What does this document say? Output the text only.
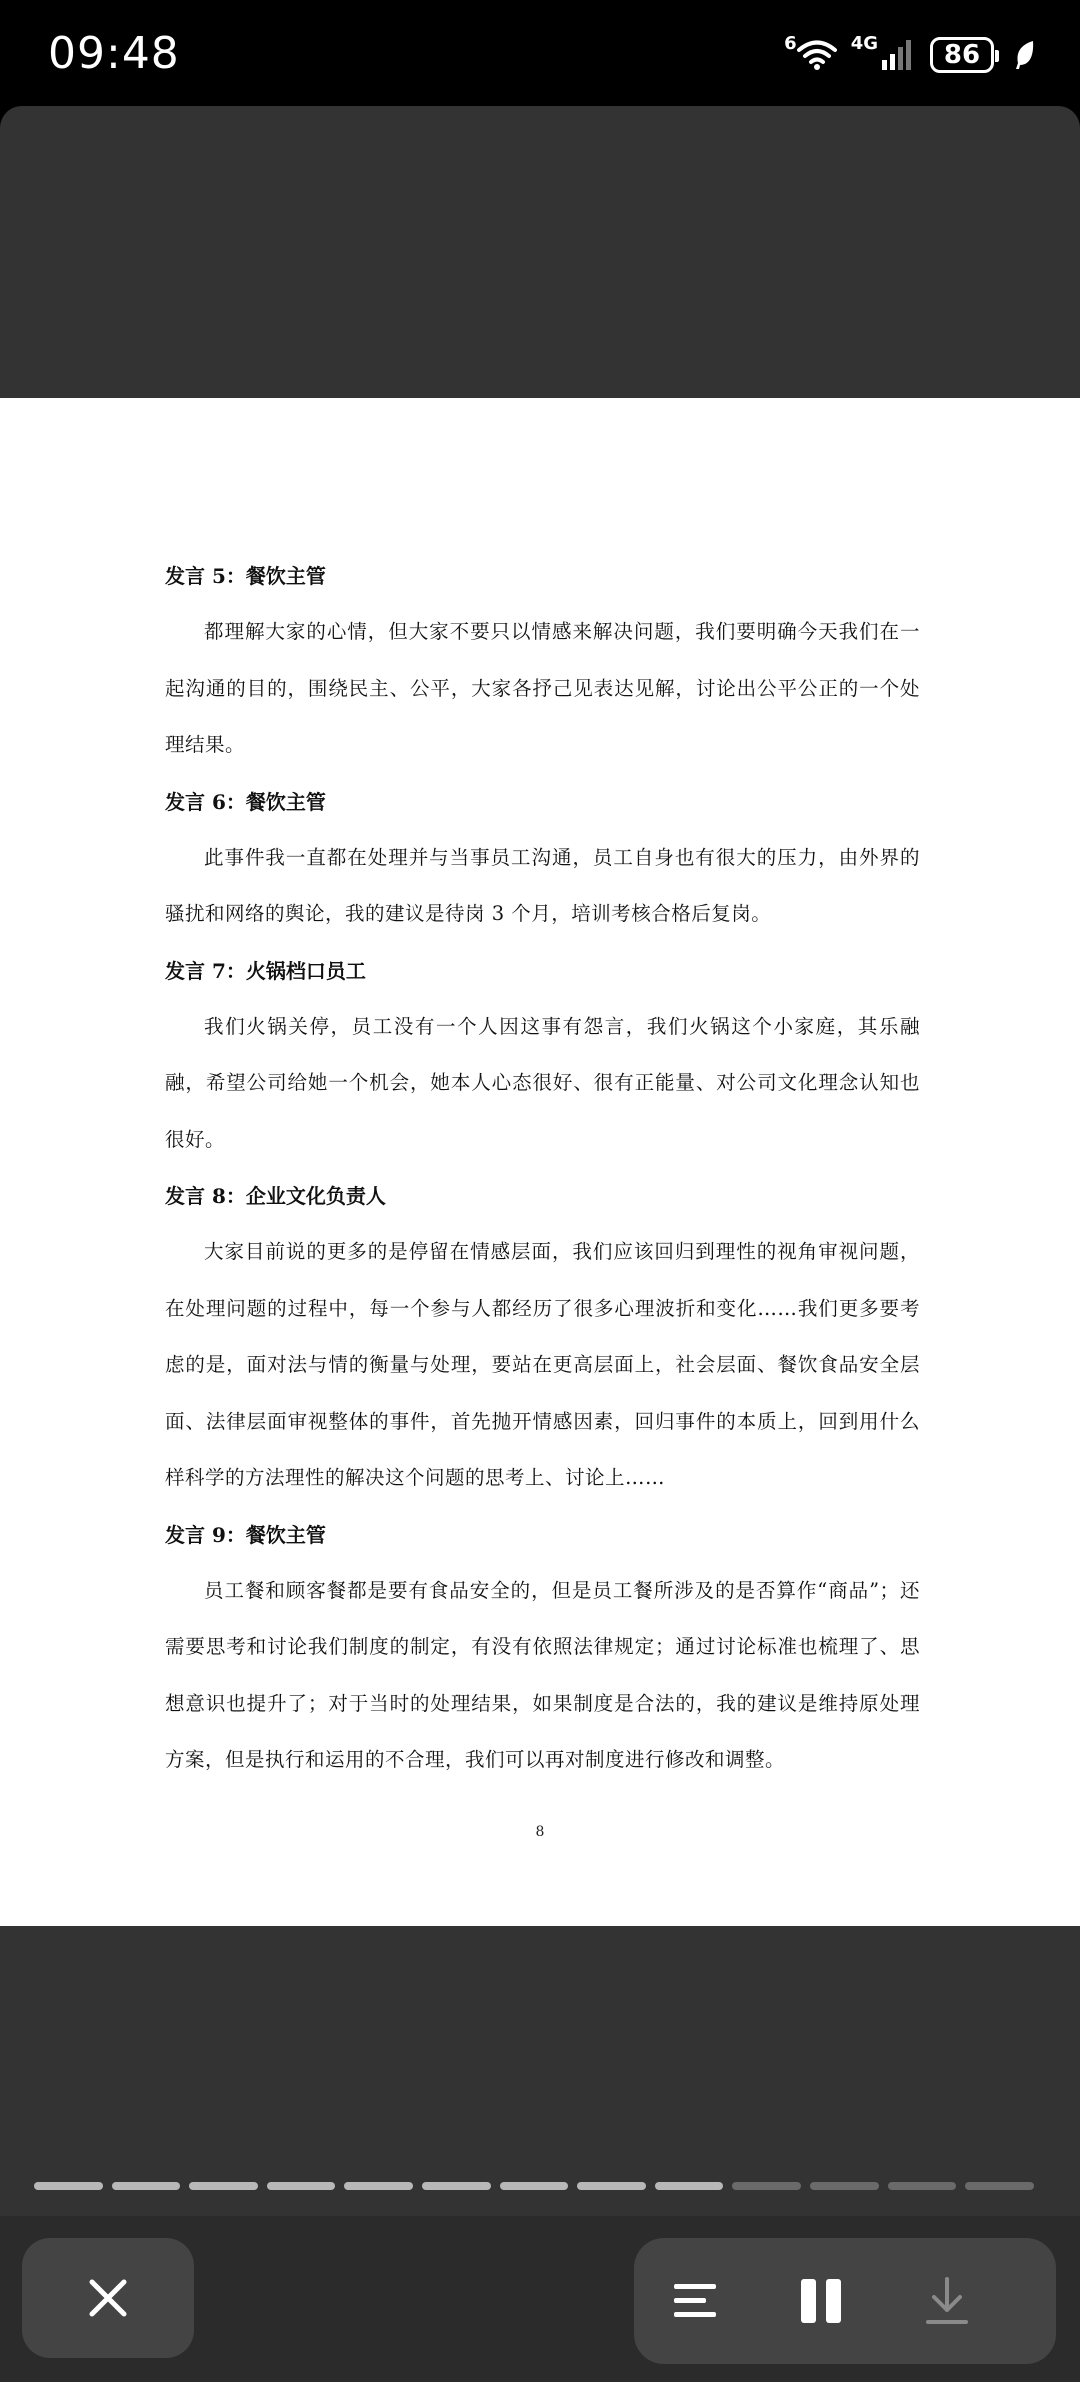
09:48	6	4G	86
发言 5：餐饮主管
都理解大家的心情，但大家不要只以情感来解决问题，我们要明确今天我们在一起沟通的目的，围绕民主、公平，大家各抒己见表达见解，讨论出公平公正的一个处理结果。
发言 6：餐饮主管
此事件我一直都在处理并与当事员工沟通，员工自身也有很大的压力，由外界的骚扰和网络的舆论，我的建议是待岗 3 个月，培训考核合格后复岗。
发言 7：火锅档口员工
我们火锅关停，员工没有一个人因这事有怨言，我们火锅这个小家庭，其乐融融，希望公司给她一个机会，她本人心态很好、很有正能量、对公司文化理念认知也很好。
发言 8：企业文化负责人
大家目前说的更多的是停留在情感层面，我们应该回归到理性的视角审视问题，在处理问题的过程中，每一个参与人都经历了很多心理波折和变化……我们更多要考虑的是，面对法与情的衡量与处理，要站在更高层面上，社会层面、餐饮食品安全层面、法律层面审视整体的事件，首先抛开情感因素，回归事件的本质上，回到用什么样科学的方法理性的解决这个问题的思考上、讨论上……
发言 9：餐饮主管
员工餐和顾客餐都是要有食品安全的，但是员工餐所涉及的是否算作“商品”；还需要思考和讨论我们制度的制定，有没有依照法律规定；通过讨论标准也梳理了、思想意识也提升了；对于当时的处理结果，如果制度是合法的，我的建议是维持原处理方案，但是执行和运用的不合理，我们可以再对制度进行修改和调整。
8
